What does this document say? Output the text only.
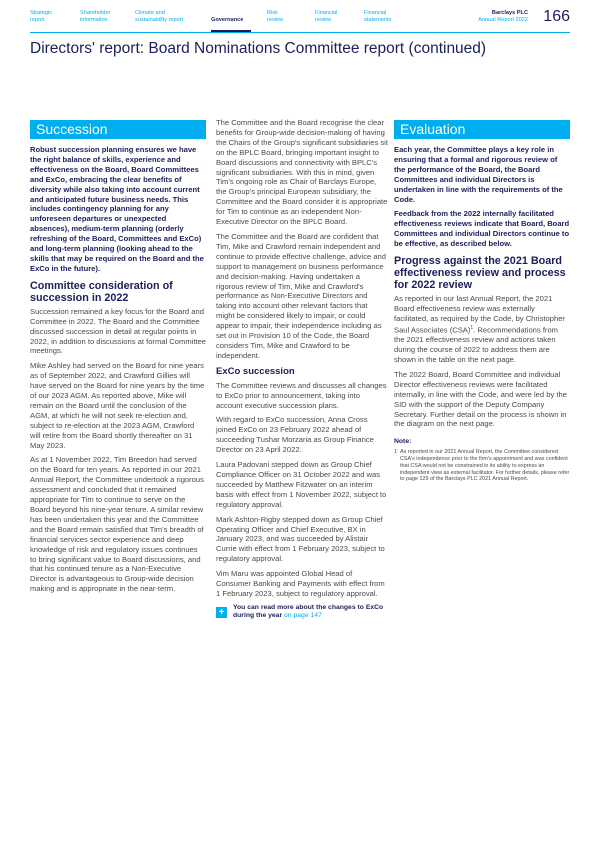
Strategic
report
Shareholder
information
Climate and
sustainability report
	Governance
Risk
review
Financial
review
Financial
statements
Barclays PLC
Annual Report 2022 166
Directors' report: Board Nominations Committee report (continued)
Succession

Robust succession planning ensures we have the right balance of skills, experience and effectiveness on the Board, Board Committees and ExCo, embracing the clear benefits of diversity while also taking into account current and anticipated future business needs. This includes contingency planning for any unforeseen departures or unexpected absences), medium-term planning (orderly refreshing of the Board, Committees and ExCo) and long-term planning (looking ahead to the skills that may be required on the Board and the ExCo in the future).

Committee consideration of succession in 2022

Succession remained a key focus for the Board and Committee in 2022. The Board and the Committee discussed succession in detail at regular points in 2022, in addition to discussions at formal Committee meetings.

Mike Ashley had served on the Board for nine years as of September 2022, and Crawford Gillies will have served on the Board for nine years by the time of our 2023 AGM. As reported above, Mike will remain on the Board until the conclusion of the AGM, at which he will not seek re-election and, subject to re-election at the 2023 AGM, Crawford will retire from the Board shortly thereafter on 31 May 2023.

As at 1 November 2022, Tim Breedon had served on the Board for ten years. As reported in our 2021 Annual Report, the Committee undertook a rigorous assessment and concluded that it remained appropriate for Tim to continue to serve on the Board beyond his nine-year tenure. A similar review has been undertaken this year and the Committee and the Board remain satisfied that Tim's breadth of financial services sector experience and deep knowledge of risk and regulatory issues continues to bring significant value to Board discussions, and that his continued tenure as a Non-Executive Director is advantageous to Group-wide decision making and is appropriate in the near-term.

The Committee and the Board recognise the clear benefits for Group-wide decision-making of having the Chairs of the Group's significant subsidiaries sit on the BPLC Board, bringing important insight to Board discussions and connectivity with BPLC's significant subsidiaries. With this in mind, given Tim's ongoing role as Chair of Barclays Europe, the Group's principal European subsidiary, the Committee and the Board consider it is appropriate for Tim to continue as an independent Non-Executive Director on the BPLC Board.

The Committee and the Board are confident that Tim, Mike and Crawford remain independent and continue to provide effective challenge, advice and support to management on business performance and decision-making. Having undertaken a rigorous review of Tim, Mike and Crawford's performance as Non-Executive Directors and taking into account other relevant factors that might be considered likely to impair, or could appear to impair, their independence including as set out in Provision 10 of the Code, the Board considers Tim, Mike and Crawford to be independent.

ExCo succession

The Committee reviews and discusses all changes to ExCo prior to announcement, taking into account executive succession plans.

With regard to ExCo succession, Anna Cross joined ExCo on 23 February 2022 ahead of succeeding Tushar Morzaria as Group Finance Director on 23 April 2022.

Laura Padovani stepped down as Group Chief Compliance Officer on 31 October 2022 and was succeeded by Matthew Fitzwater on an interim basis with effect from 1 November 2022, subject to regulatory approval.

Mark Ashton-Rigby stepped down as Group Chief Operating Officer and Chief Executive, BX in January 2023, and was succeeded by Alistair Currie with effect from 1 February 2023, subject to regulatory approval.

Vim Maru was appointed Global Head of Consumer Banking and Payments with effect from 1 February 2023, subject to regulatory approval.

+	You can read more about the changes to ExCo during the year on page 147
Evaluation

Each year, the Committee plays a key role in ensuring that a formal and rigorous review of the performance of the Board, the Board Committees and individual Directors is undertaken in line with the requirements of the Code.

Feedback from the 2022 internally facilitated effectiveness reviews indicate that Board, Board Committees and individual Directors continue to be effective, as described below.

Progress against the 2021 Board effectiveness review and process for 2022 review

As reported in our last Annual Report, the 2021 Board effectiveness review was externally facilitated, as required by the Code, by Christopher Saul Associates (CSA)$^1$. Recommendations from the 2021 effectiveness review and actions taken during the course of 2022 to address them are shown in the table on the next page.

The 2022 Board, Board Committee and individual Director effectiveness reviews were facilitated internally, in line with the Code, and were led by the SID with the support of the Deputy Company Secretary. Further detail on the process is shown in the diagram on the next page.

Note:
1 As reported in our 2021 Annual Report, the Committee considered CSA's independence prior to the firm's appointment and was confident that CSA would not be constrained in its ability to express an independent view as external facilitator. For further details, please refer to page 129 of the Barclays PLC 2021 Annual Report.
